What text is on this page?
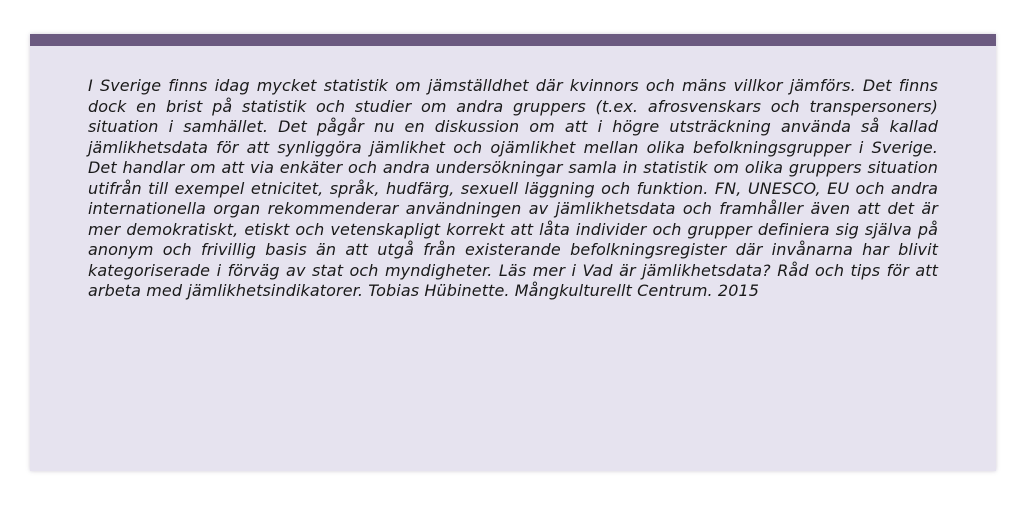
I Sverige finns idag mycket statistik om jämställdhet där kvinnors och mäns villkor jämförs. Det finns dock en brist på statistik och studier om andra gruppers (t.ex. afrosvenskars och transpersoners) situation i samhället. Det pågår nu en diskussion om att i högre utsträckning använda så kallad jämlikhetsdata för att synliggöra jämlikhet och ojämlikhet mellan olika befolkningsgrupper i Sverige. Det handlar om att via enkäter och andra undersökningar samla in statistik om olika gruppers situation utifrån till exempel etnicitet, språk, hudfärg, sexuell läggning och funktion. FN, UNESCO, EU och andra internationella organ rekommenderar användningen av jämlikhetsdata och framhåller även att det är mer demokratiskt, etiskt och vetenskapligt korrekt att låta individer och grupper definiera sig själva på anonym och frivillig basis än att utgå från existerande befolkningsregister där invånarna har blivit kategoriserade i förväg av stat och myndigheter. Läs mer i Vad är jämlikhetsdata? Råd och tips för att arbeta med jämlikhetsindikatorer. Tobias Hübinette. Mångkulturellt Centrum. 2015
